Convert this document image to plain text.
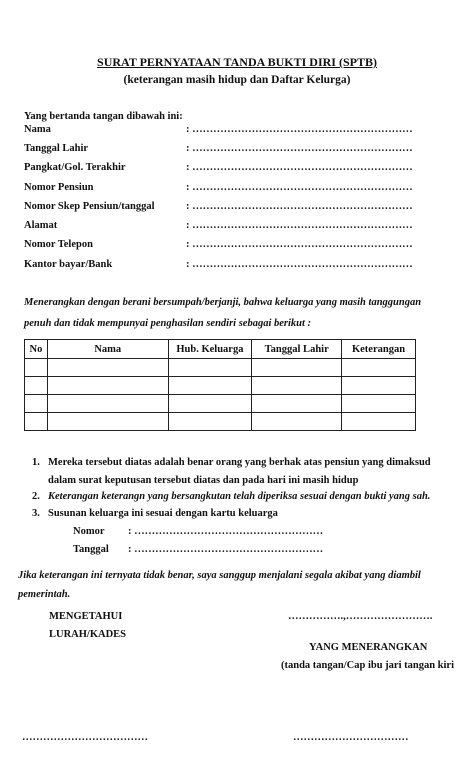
SURAT PERNYATAAN TANDA BUKTI DIRI (SPTB)
(keterangan masih hidup dan Daftar Kelurga)
Yang bertanda tangan dibawah ini:
Nama	: ………………………………………………………
Tanggal Lahir	: ………………………………………………………
Pangkat/Gol. Terakhir	: ………………………………………………………
Nomor Pensiun	: ………………………………………………………
Nomor Skep Pensiun/tanggal	: ………………………………………………………
Alamat	: ………………………………………………………
Nomor Telepon	: ………………………………………………………
Kantor bayar/Bank	: ………………………………………………………
Menerangkan dengan berani bersumpah/berjanji, bahwa keluarga yang masih tanggungan
penuh dan tidak mempunyai penghasilan sendiri sebagai berikut :
No	Nama	Hub. Keluarga	Tanggal Lahir	Keterangan

1. Mereka tersebut diatas adalah benar orang yang berhak atas pensiun yang dimaksud
dalam surat keputusan tersebut diatas dan pada hari ini masih hidup
2. Keterangan keterangn yang bersangkutan telah diperiksa sesuai dengan bukti yang sah.
3. Susunan keluarga ini sesuai dengan kartu keluarga
Nomor : ………………………………………………
Tanggal : ………………………………………………
Jika keterangan ini ternyata tidak benar, saya sanggup menjalani segala akibat yang diambil
pemerintah.
MENGETAHUI
LURAH/KADES
…………….,…………………….
YANG MENERANGKAN
(tanda tangan/Cap ibu jari tangan kiri
………………………………	……………………………
